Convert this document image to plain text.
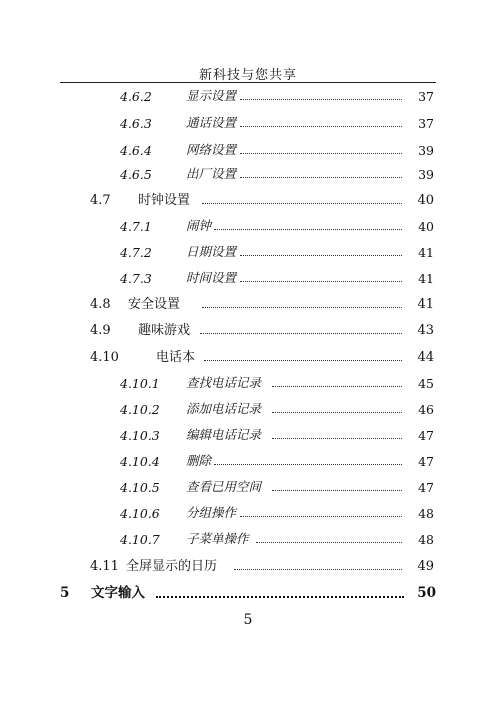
新科技与您共享
4.6.2	显示设置	37
4.6.3	通话设置	37
4.6.4	网络设置	39
4.6.5	出厂设置	39
4.7 时钟设置	40
4.7.1	闹钟	40
4.7.2	日期设置	41
4.7.3	时间设置	41
4.8 安全设置	41
4.9 趣味游戏	43
4.10	电话本	44
4.10.1 查找电话记录	45
4.10.2 添加电话记录	46
4.10.3 编辑电话记录	47
4.10.4 删除	47
4.10.5 查看已用空间	47
4.10.6 分组操作	48
4.10.7 子菜单操作	48
4.11 全屏显示的日历	49
5 文字输入	50
5
